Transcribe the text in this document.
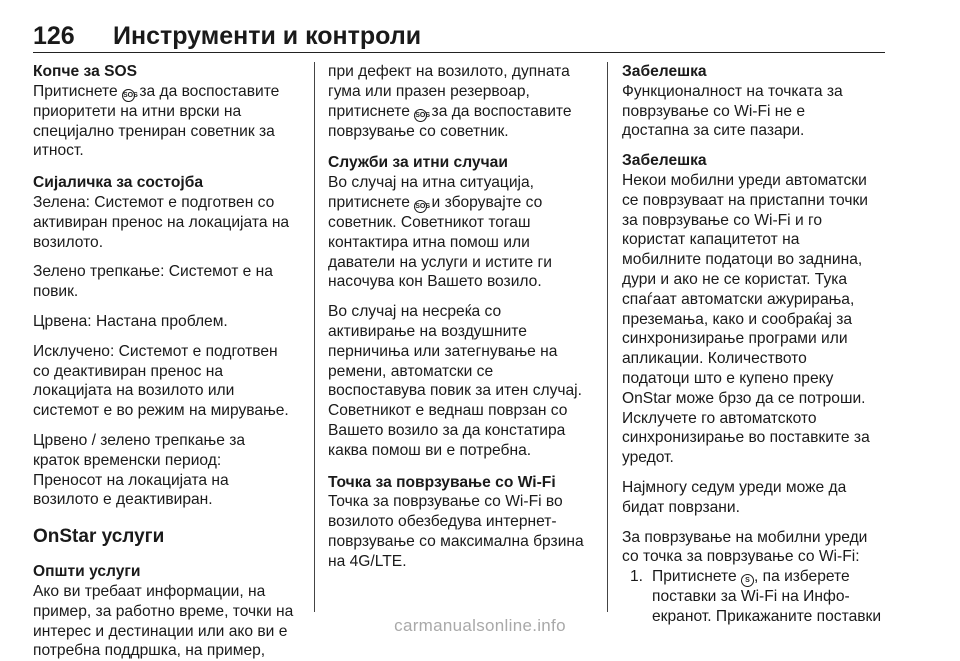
126 Инструменти и контроли
Копче за SOS
Притиснете SOS за да воспоставите
приоритети на итни врски на
специјално трениран советник за
итност.
Сијаличка за состојба
Зелена: Системот е подготвен со
активиран пренос на локацијата на
возилото.
Зелено трепкање: Системот е на
повик.
Црвена: Настана проблем.
Исклучено: Системот е подготвен
со деактивиран пренос на
локацијата на возилото или
системот е во режим на мирување.
Црвено / зелено трепкање за
краток временски период:
Преносот на локацијата на
возилото е деактивиран.
OnStar услуги
Општи услуги
Ако ви требаат информации, на
пример, за работно време, точки на
интерес и дестинации или ако ви е
потребна поддршка, на пример,
при дефект на возилото, дупната
гума или празен резервоар,
притиснете SOS за да воспоставите
поврзување со советник.
Служби за итни случаи
Во случај на итна ситуација,
притиснете SOS и зборувајте со
советник. Советникот тогаш
контактира итна помош или
даватели на услуги и истите ги
насочува кон Вашето возило.
Во случај на несреќа со
активирање на воздушните
перничиња или затегнување на
ремени, автоматски се
воспоставува повик за итен случај.
Советникот е веднаш поврзан со
Вашето возило за да констатира
каква помош ви е потребна.
Точка за поврзување со Wi-Fi
Точка за поврзување со Wi-Fi во
возилото обезбедува интернет-
поврзување со максимална брзина
на 4G/LTE.
Забелешка
Функционалност на точката за
поврзување со Wi-Fi не е
достапна за сите пазари.
Забелешка
Некои мобилни уреди автоматски
се поврзуваат на пристапни точки
за поврзување со Wi-Fi и го
користат капацитетот на
мобилните податоци во заднина,
дури и ако не се користат. Тука
спаѓаат автоматски ажурирања,
преземања, како и сообраќај за
синхронизирање програми или
апликации. Количеството
податоци што е купено преку
OnStar може брзо да се потроши.
Исклучете го автоматското
синхронизирање во поставките за
уредот.
Најмногу седум уреди може да
бидат поврзани.
За поврзување на мобилни уреди
со точка за поврзување со Wi-Fi:
1. Притиснете S , па изберете
поставки за Wi-Fi на Инфо-
екранот. Прикажаните поставки
carmanualsonline.info
